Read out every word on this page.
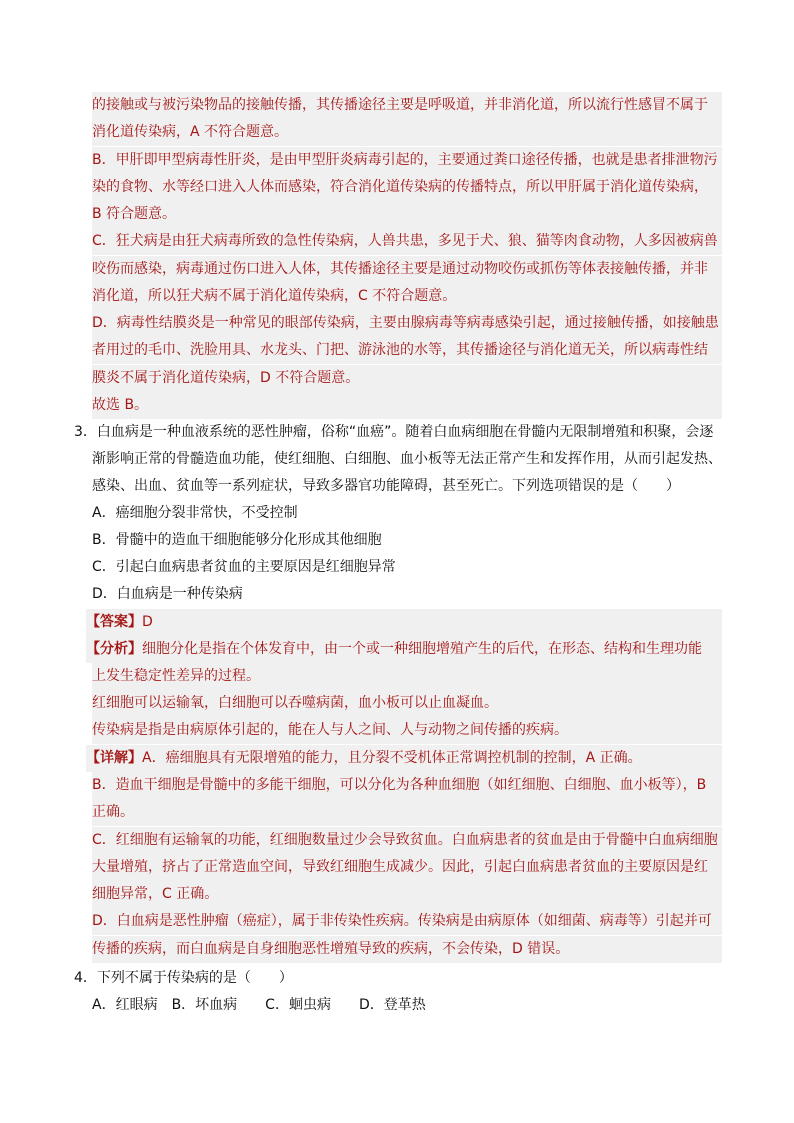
的接触或与被污染物品的接触传播，其传播途径主要是呼吸道，并非消化道，所以流行性感冒不属于
消化道传染病，A 不符合题意。
B．甲肝即甲型病毒性肝炎，是由甲型肝炎病毒引起的，主要通过粪口途径传播，也就是患者排泄物污
染的食物、水等经口进入人体而感染，符合消化道传染病的传播特点，所以甲肝属于消化道传染病，
B 符合题意。
C．狂犬病是由狂犬病毒所致的急性传染病，人兽共患，多见于犬、狼、猫等肉食动物，人多因被病兽
咬伤而感染，病毒通过伤口进入人体，其传播途径主要是通过动物咬伤或抓伤等体表接触传播，并非
消化道，所以狂犬病不属于消化道传染病，C 不符合题意。
D．病毒性结膜炎是一种常见的眼部传染病，主要由腺病毒等病毒感染引起，通过接触传播，如接触患
者用过的毛巾、洗脸用具、水龙头、门把、游泳池的水等，其传播途径与消化道无关，所以病毒性结
膜炎不属于消化道传染病，D 不符合题意。
故选 B。
3．白血病是一种血液系统的恶性肿瘤，俗称“血癌”。随着白血病细胞在骨髓内无限制增殖和积聚，会逐
渐影响正常的骨髓造血功能，使红细胞、白细胞、血小板等无法正常产生和发挥作用，从而引起发热、
感染、出血、贫血等一系列症状，导致多器官功能障碍，甚至死亡。下列选项错误的是（　　）
A．癌细胞分裂非常快，不受控制
B．骨髓中的造血干细胞能够分化形成其他细胞
C．引起白血病患者贫血的主要原因是红细胞异常
D．白血病是一种传染病
【答案】D
【分析】细胞分化是指在个体发育中，由一个或一种细胞增殖产生的后代，在形态、结构和生理功能
上发生稳定性差异的过程。
红细胞可以运输氧，白细胞可以吞噬病菌，血小板可以止血凝血。
传染病是指是由病原体引起的，能在人与人之间、人与动物之间传播的疾病。
【详解】A．癌细胞具有无限增殖的能力，且分裂不受机体正常调控机制的控制，A 正确。
B．造血干细胞是骨髓中的多能干细胞，可以分化为各种血细胞（如红细胞、白细胞、血小板等），B
正确。
C．红细胞有运输氧的功能，红细胞数量过少会导致贫血。白血病患者的贫血是由于骨髓中白血病细胞
大量增殖，挤占了正常造血空间，导致红细胞生成减少。因此，引起白血病患者贫血的主要原因是红
细胞异常，C 正确。
D．白血病是恶性肿瘤（癌症），属于非传染性疾病。传染病是由病原体（如细菌、病毒等）引起并可
传播的疾病，而白血病是自身细胞恶性增殖导致的疾病，不会传染，D 错误。
4．下列不属于传染病的是（　　）
A．红眼病　B．坏血病　　C．蛔虫病　　D．登革热
